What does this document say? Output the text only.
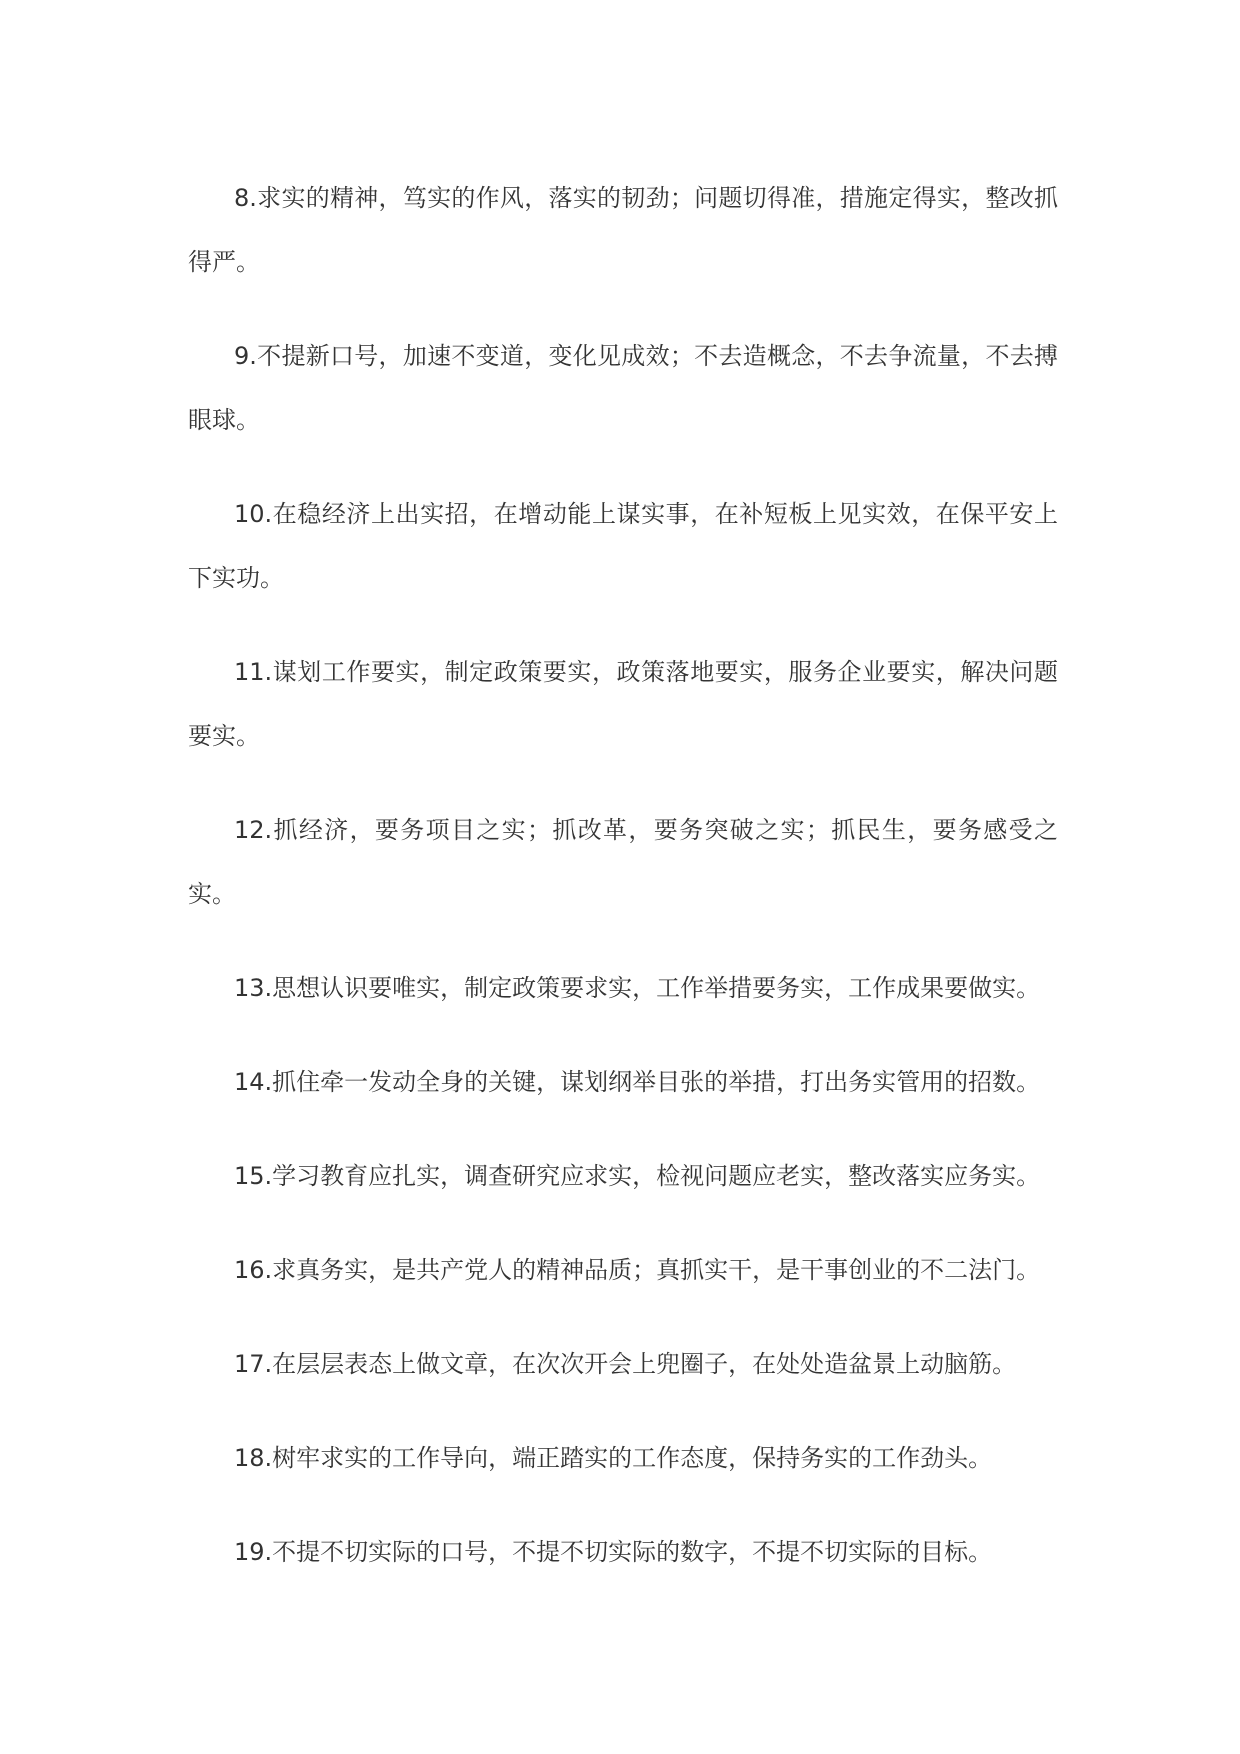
8.求实的精神，笃实的作风，落实的韧劲；问题切得准，措施定得实，整改抓得严。

9.不提新口号，加速不变道，变化见成效；不去造概念，不去争流量，不去搏眼球。

10.在稳经济上出实招，在增动能上谋实事，在补短板上见实效，在保平安上下实功。

11.谋划工作要实，制定政策要实，政策落地要实，服务企业要实，解决问题要实。

12.抓经济，要务项目之实；抓改革，要务突破之实；抓民生，要务感受之实。

13.思想认识要唯实，制定政策要求实，工作举措要务实，工作成果要做实。

14.抓住牵一发动全身的关键，谋划纲举目张的举措，打出务实管用的招数。

15.学习教育应扎实，调查研究应求实，检视问题应老实，整改落实应务实。

16.求真务实，是共产党人的精神品质；真抓实干，是干事创业的不二法门。

17.在层层表态上做文章，在次次开会上兜圈子，在处处造盆景上动脑筋。

18.树牢求实的工作导向，端正踏实的工作态度，保持务实的工作劲头。

19.不提不切实际的口号，不提不切实际的数字，不提不切实际的目标。
